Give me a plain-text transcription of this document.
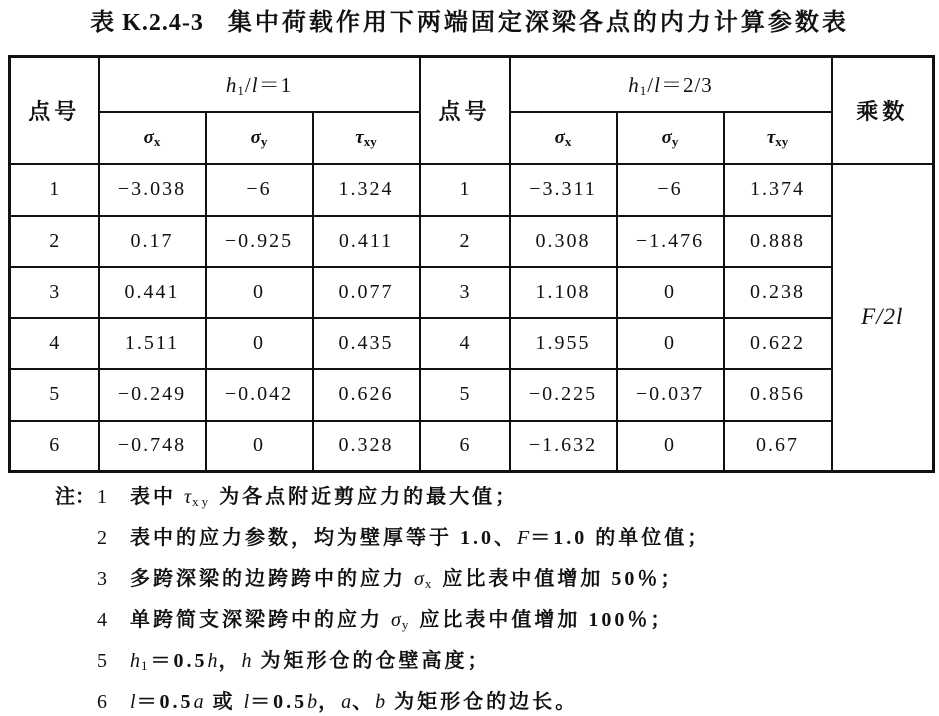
表 K.2.4-3 集中荷载作用下两端固定深梁各点的内力计算参数表
点号	$h_1/l=1$			点号	$h_1/l=2/3$			乘数
	$\sigma_x$	$\sigma_y$	$\tau_{xy}$		$\sigma_x$	$\sigma_y$	$\tau_{xy}$
1	−3.038	−6	1.324	1	−3.311	−6	1.374	F/2l
2	0.17	−0.925	0.411	2	0.308	−1.476	0.888	
3	0.441	0	0.077	3	1.108	0	0.238	
4	1.511	0	0.435	4	1.955	0	0.622	
5	−0.249	−0.042	0.626	5	−0.225	−0.037	0.856	
6	−0.748	0	0.328	6	−1.632	0	0.67	
注： 1 表中 $\tau_{xy}$ 为各点附近剪应力的最大值；
2 表中的应力参数，均为壁厚等于 1.0、F＝1.0 的单位值；
3 多跨深梁的边跨跨中的应力 $\sigma_x$ 应比表中值增加 50％；
4 单跨简支深梁跨中的应力 $\sigma_y$ 应比表中值增加 100％；
5 $h_1=0.5h$，h 为矩形仓的仓壁高度；
6 l＝0.5a 或 l＝0.5b，a、b 为矩形仓的边长。
